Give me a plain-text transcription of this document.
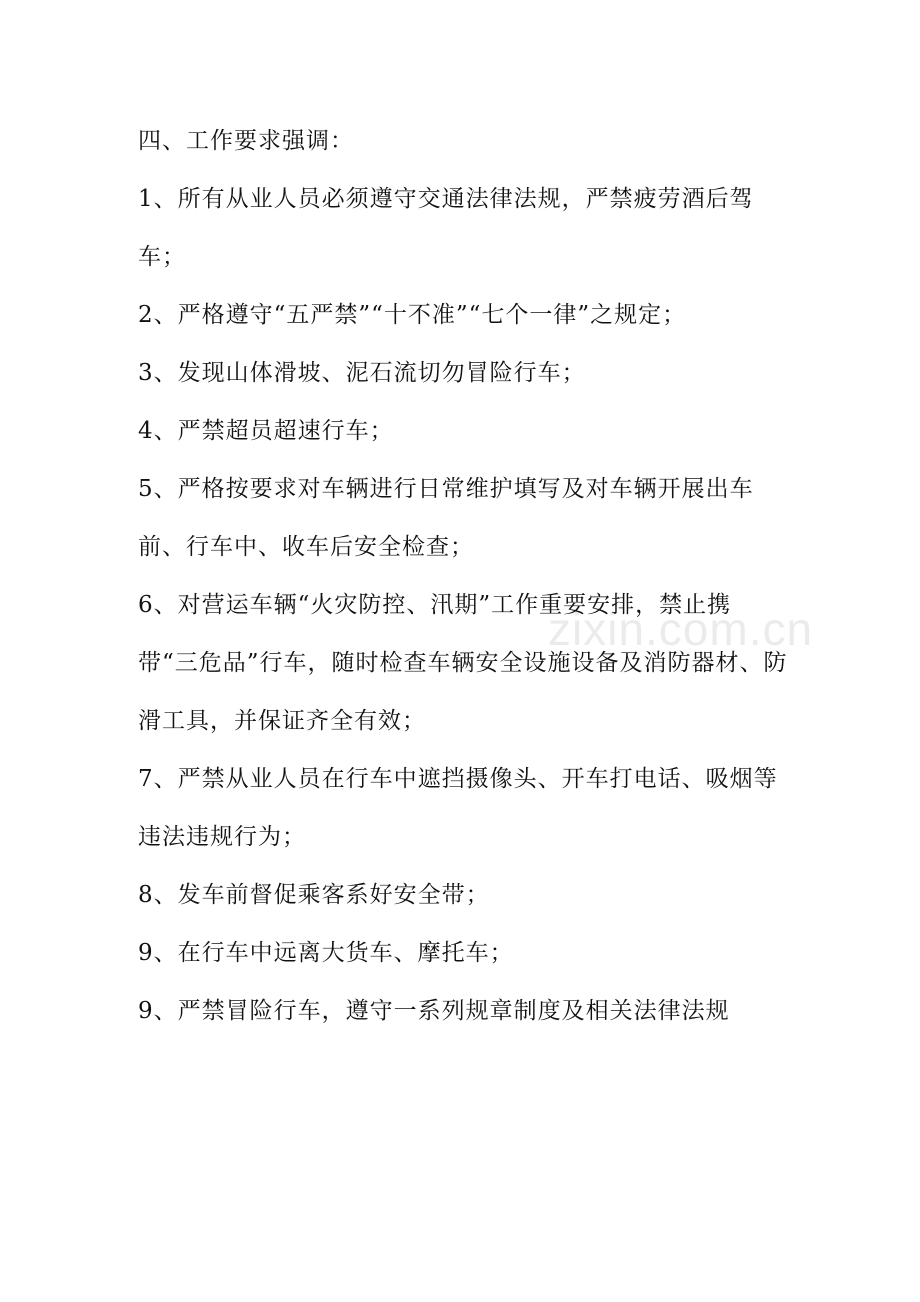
四、工作要求强调：

1、所有从业人员必须遵守交通法律法规，严禁疲劳酒后驾车；

2、严格遵守“五严禁”“十不准”“七个一律”之规定；

3、发现山体滑坡、泥石流切勿冒险行车；

4、严禁超员超速行车；

5、严格按要求对车辆进行日常维护填写及对车辆开展出车前、行车中、收车后安全检查；

6、对营运车辆“火灾防控、汛期”工作重要安排，禁止携带“三危品”行车，随时检查车辆安全设施设备及消防器材、防滑工具，并保证齐全有效；

7、严禁从业人员在行车中遮挡摄像头、开车打电话、吸烟等违法违规行为；

8、发车前督促乘客系好安全带；

9、在行车中远离大货车、摩托车；

9、严禁冒险行车，遵守一系列规章制度及相关法律法规

zixin.com.cn
